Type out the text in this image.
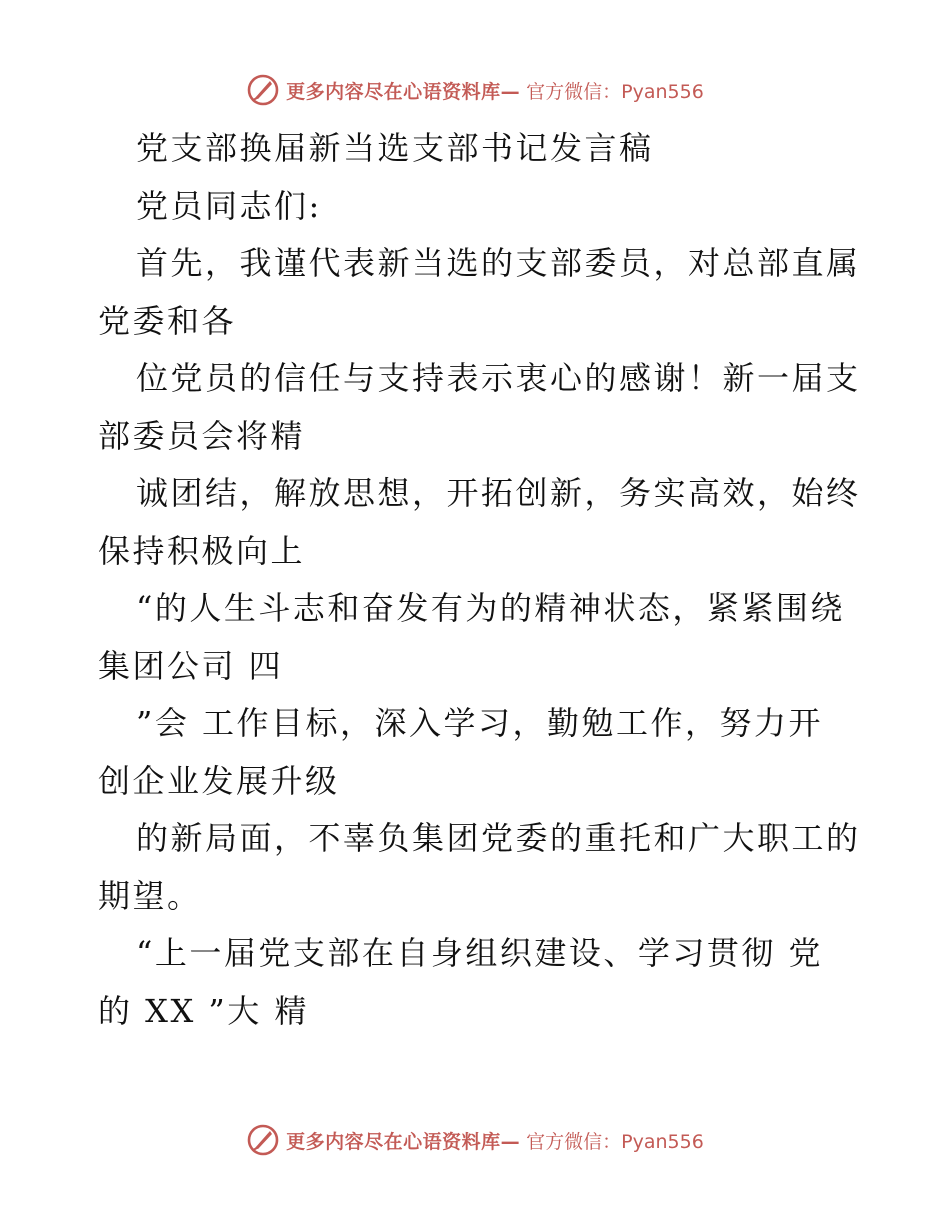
更多内容尽在心语资料库— 官方微信：Pyan556
党支部换届新当选支部书记发言稿
党员同志们:
首先，我谨代表新当选的支部委员，对总部直属
党委和各
位党员的信任与支持表示衷心的感谢！新一届支
部委员会将精
诚团结，解放思想，开拓创新，务实高效，始终
保持积极向上
“的人生斗志和奋发有为的精神状态，紧紧围绕
集团公司 四
”会 工作目标，深入学习，勤勉工作，努力开
创企业发展升级
的新局面，不辜负集团党委的重托和广大职工的
期望。
“上一届党支部在自身组织建设、学习贯彻 党
的 XX ”大 精
更多内容尽在心语资料库— 官方微信：Pyan556
